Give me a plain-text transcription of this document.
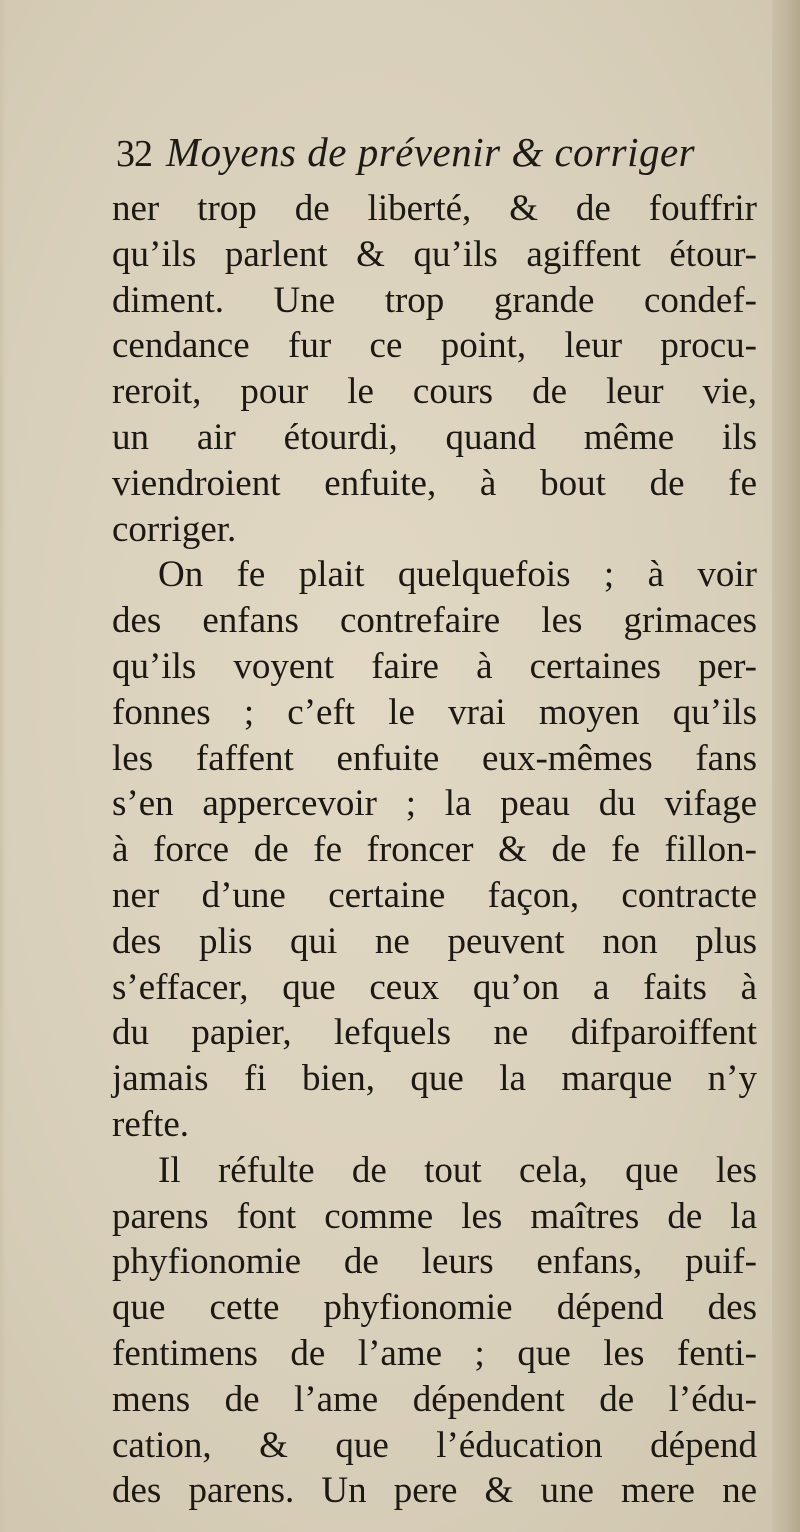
32 Moyens de prévenir & corriger
ner trop de liberté, & de fouffrir
qu’ils parlent & qu’ils agiffent étour-
diment. Une trop grande condef-
cendance fur ce point, leur procu-
reroit, pour le cours de leur vie,
un air étourdi, quand même ils
viendroient enfuite, à bout de fe
corriger.
On fe plait quelquefois ; à voir
des enfans contrefaire les grimaces
qu’ils voyent faire à certaines per-
fonnes ; c’eft le vrai moyen qu’ils
les faffent enfuite eux-mêmes fans
s’en appercevoir ; la peau du vifage
à force de fe froncer & de fe fillon-
ner d’une certaine façon, contracte
des plis qui ne peuvent non plus
s’effacer, que ceux qu’on a faits à
du papier, lefquels ne difparoiffent
jamais fi bien, que la marque n’y
refte.
Il réfulte de tout cela, que les
parens font comme les maîtres de la
phyfionomie de leurs enfans, puif-
que cette phyfionomie dépend des
fentimens de l’ame ; que les fenti-
mens de l’ame dépendent de l’édu-
cation, & que l’éducation dépend
des parens. Un pere & une mere ne
